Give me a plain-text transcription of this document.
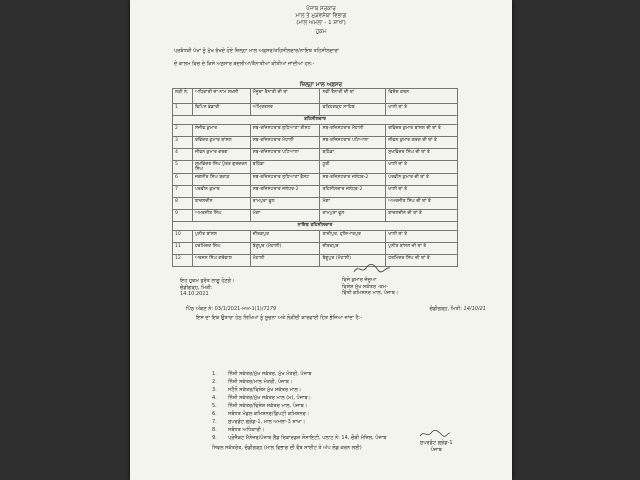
ਪੰਜਾਬ ਸਰਕਾਰ
ਮਾਲ ਤੇ ਮੁੜਵਸੇਬਾ ਵਿਭਾਗ
(ਮਾਲ ਅਮਲਾ - 1 ਸ਼ਾਖਾ)
ਹੁਕਮ
ਪ੍ਰਬੰਧਕੀ ਪੱਖਾਂ ਨੂੰ ਮੁੱਖ ਰੱਖਦੇ ਹੋਏ ਜ਼ਿਲ੍ਹਾ ਮਾਲ ਅਫ਼ਸਰ/ਤਹਿਸੀਲਦਾਰ/ਨਾਇਬ ਤਹਿਸੀਲਦਾਰਾਂ
ਦੇ ਕਾਲਮ ਵਿਚ ਦੇ ਕਿਸੇ ਅਨੁਸਾਰ ਬਦਲੀਆਂ/ਤੈਨਾਤੀਆਂ ਕੀਤੀਆਂ ਜਾਂਦੀਆਂ ਹਨ:-
ਜ਼ਿਲ੍ਹਾ ਮਾਲ ਅਫ਼ਸਰ
ਲੜੀ ਨੰ:	ਅਧਿਕਾਰੀ ਦਾ ਨਾਮ ਸ਼ਖ਼ਸੀ	ਮੌਜੂਦਾ ਤੈਨਾਤੀ ਦੀ ਥਾਂ	ਨਵੀਂ ਤੈਨਾਤੀ ਦੀ ਥਾਂ	ਵਿਸ਼ੇਸ਼ ਕਥਨ
1	ਵਿਪਿਨ ਭੰਡਾਰੀ	ਅੰਮ੍ਰਿਤਸਰ	ਫਤਿਹਗੜ੍ਹ ਸਾਹਿਬ	ਖਾਲੀ ਥਾਂ ਤੇ
ਤਹਿਸੀਲਦਾਰ				
2	ਸੰਜੀਵ ਕੁਮਾਰ	ਸਬ-ਰਜਿਸਟਰਾਰ ਲੁਧਿਆਣਾ ਈਸਟ	ਸਬ-ਰਜਿਸਟਰਾਰ ਮੋਹਾਲੀ	ਰਵਿੰਦਰ ਕੁਮਾਰ ਬਾਂਸਲ ਦੀ ਥਾਂ ਤੇ
3	ਰਵਿੰਦਰ ਕੁਮਾਰ ਬਾਂਸਲ	ਸਬ-ਰਜਿਸਟਰਾਰ ਮੋਹਾਲੀ	ਸਬ-ਰਜਿਸਟਰਾਰ ਪਟਿਆਲਾ	ਜੀਵਨ ਕੁਮਾਰ ਗਰਗ ਦੀ ਥਾਂ ਤੇ
4	ਜੀਵਨ ਕੁਮਾਰ ਗਰਗ	ਸਬ-ਰਜਿਸਟਰਾਰ ਪਟਿਆਲਾ	ਬਠਿੰਡਾ	ਸੁਖਵਿੰਦਰ ਸਿੰਘ ਦੀ ਥਾਂ ਤੇ
5	ਸੁਖਵਿੰਦਰ ਸਿੰਘ ਪੁੱਤਰ ਗੁਰਚਰਨ ਸਿੰਘ	ਬਠਿੰਡਾ	ਧੂਰੀ	ਖਾਲੀ ਥਾਂ ਤੇ
6	ਜਗਸੀਰ ਸਿੰਘ ਬਰਾੜ	ਸਬ-ਰਜਿਸਟਰਾਰ ਲੁਧਿਆਣਾ ਵੈਸਟ	ਸਬ-ਰਜਿਸਟਰਾਰ ਜਲੰਧਰ-2	ਪਰਵੀਨ ਕੁਮਾਰ ਦੀ ਥਾਂ ਤੇ
7	ਪਰਵੀਨ ਕੁਮਾਰ	ਸਬ-ਰਜਿਸਟਰਾਰ ਜਲੰਧਰ-2	ਤਹਿਸੀਲਦਾਰ ਜਲੰਧਰ-2	ਖਾਲੀ ਥਾਂ ਤੇ
8	ਬਾਦਲਦੀਨ	ਰਾਮਪੁਰਾ ਫੂਲ	ਮੋਗਾ	ਅਮਰਜੀਤ ਸਿੰਘ ਦੀ ਥਾਂ ਤੇ
9	ਅਮਰਜੀਤ ਸਿੰਘ	ਮੋਗਾ	ਰਾਮਪੁਰਾ ਫੂਲ	ਬਾਦਲਦੀਨ ਦੀ ਥਾਂ ਤੇ
ਨਾਇਬ ਤਹਿਸੀਲਦਾਰ				
10	ਪੁਨੀਤ ਬਾਂਸਲ	ਜ਼ੀਰਕਪੁਰ	ਤਾਜ਼ੀਪੁਰ, ਹੁਸ਼ਿਆਰਪੁਰ	ਖਾਲੀ ਥਾਂ ਤੇ
11	ਹਰਮਿੰਦਰ ਸਿੰਘ	ਬੇਗੂਪੁਰ (ਮੋਹਾਲੀ)	ਜ਼ੀਰਕਪੁਰ	ਪੁਨੀਤ ਬਾਂਸਲ ਦੀ ਥਾਂ ਤੇ
12	ਅਰਜਨ ਸਿੰਘ ਗਰੇਵਾਲ	ਮੋਹਾਲੀ	ਬੇਗੂਪੁਰ (ਮੋਹਾਲੀ)	ਹਰਮਿੰਦਰ ਸਿੰਘ ਦੀ ਥਾਂ ਤੇ
ਇਹ ਹੁਕਮ ਤੁਰੰਤ ਲਾਗੂ ਹੋਣਗੇ।
ਚੰਡੀਗੜ੍ਹ, ਮਿਤੀ:
14.10.2021
ਵਿਜੇ ਕੁਮਾਰ ਜੰਜੂਆ
ਵਿਸ਼ੇਸ਼ ਮੁੱਖ ਸਕੱਤਰ -ਕਮ-
ਵਿੱਤੀ ਕਮਿਸ਼ਨਰ ਮਾਲ, ਪੰਜਾਬ।
ਪਿੱਠ ਅੰਕਣ ਨੰ: 03/1/2021-ਮਅ-1(1)/7179	ਚੰਡੀਗੜ੍ਹ, ਮਿਤੀ: 14/10/21
ਇਸ ਦਾ ਇਕ ਉਤਾਰਾ ਹੇਠ ਲਿਖਿਆਂ ਨੂੰ ਸੂਚਨਾ ਅਤੇ ਲੋੜੀਂਦੀ ਕਾਰਵਾਈ ਹਿਤ ਭੇਜਿਆ ਜਾਂਦਾ ਹੈ:-
1.	ਨਿੱਜੀ ਸਕੱਤਰ/ਮੁੱਖ ਸਕੱਤਰ, ਮੁੱਖ ਮੰਤਰੀ, ਪੰਜਾਬ
2.	ਨਿੱਜੀ ਸਕੱਤਰ/ਮਾਲ ਮੰਤਰੀ, ਪੰਜਾਬ।
3.	ਸਟੈਨੋ ਸਕੱਤਰ/ਵਿਸ਼ੇਸ਼ ਮੁੱਖ ਸਕੱਤਰ ਮਾਲ।
4.	ਨਿੱਜੀ ਸਕੱਤਰ/ਮੁੱਖ ਸਕੱਤਰ ਮਾਲ (ਮ), ਪੰਜਾਬ।
5.	ਨਿੱਜੀ ਸਕੱਤਰ/ਵਿਸ਼ੇਸ਼ ਸਕੱਤਰ ਮਾਲ, ਪੰਜਾਬ।
6.	ਸਬੰਧਤ ਮੰਡਲ ਕਮਿਸ਼ਨਰ/ਡਿਪਟੀ ਕਮਿਸ਼ਨਰ।
7.	ਸੁਪਰਡੰਟ ਗ੍ਰੇਡ-1, ਮਾਲ ਅਮਲਾ-3 ਸ਼ਾਖਾ।
8.	ਸਬੰਧਤ ਅਧਿਕਾਰੀ।
9.	ਪ੍ਰੋਜੈਕਟ ਮੈਨੇਜਰ/ਪੰਜਾਬ ਲੈਂਡ ਰਿਕਾਰਡਜ਼ ਸੋਸਾਇਟੀ, ਪਲਾਟ ਨੰ: 14, ਚੌਥੀ ਮੰਜ਼ਿਲ, ਪੰਜਾਬ
ਸਿਵਲ ਸਕੱਤਰੇਤ, ਚੰਡੀਗੜ੍ਹ (ਮਾਲ ਵਿਭਾਗ ਦੀ ਵੈਬ ਸਾਈਟ ਤੇ ਅੱਪ ਲੋਡ ਕਰਨ ਲਈ)
ਸੁਪਰਡੰਟ ਗ੍ਰੇਡ-1
ਪੰਜਾਬ
